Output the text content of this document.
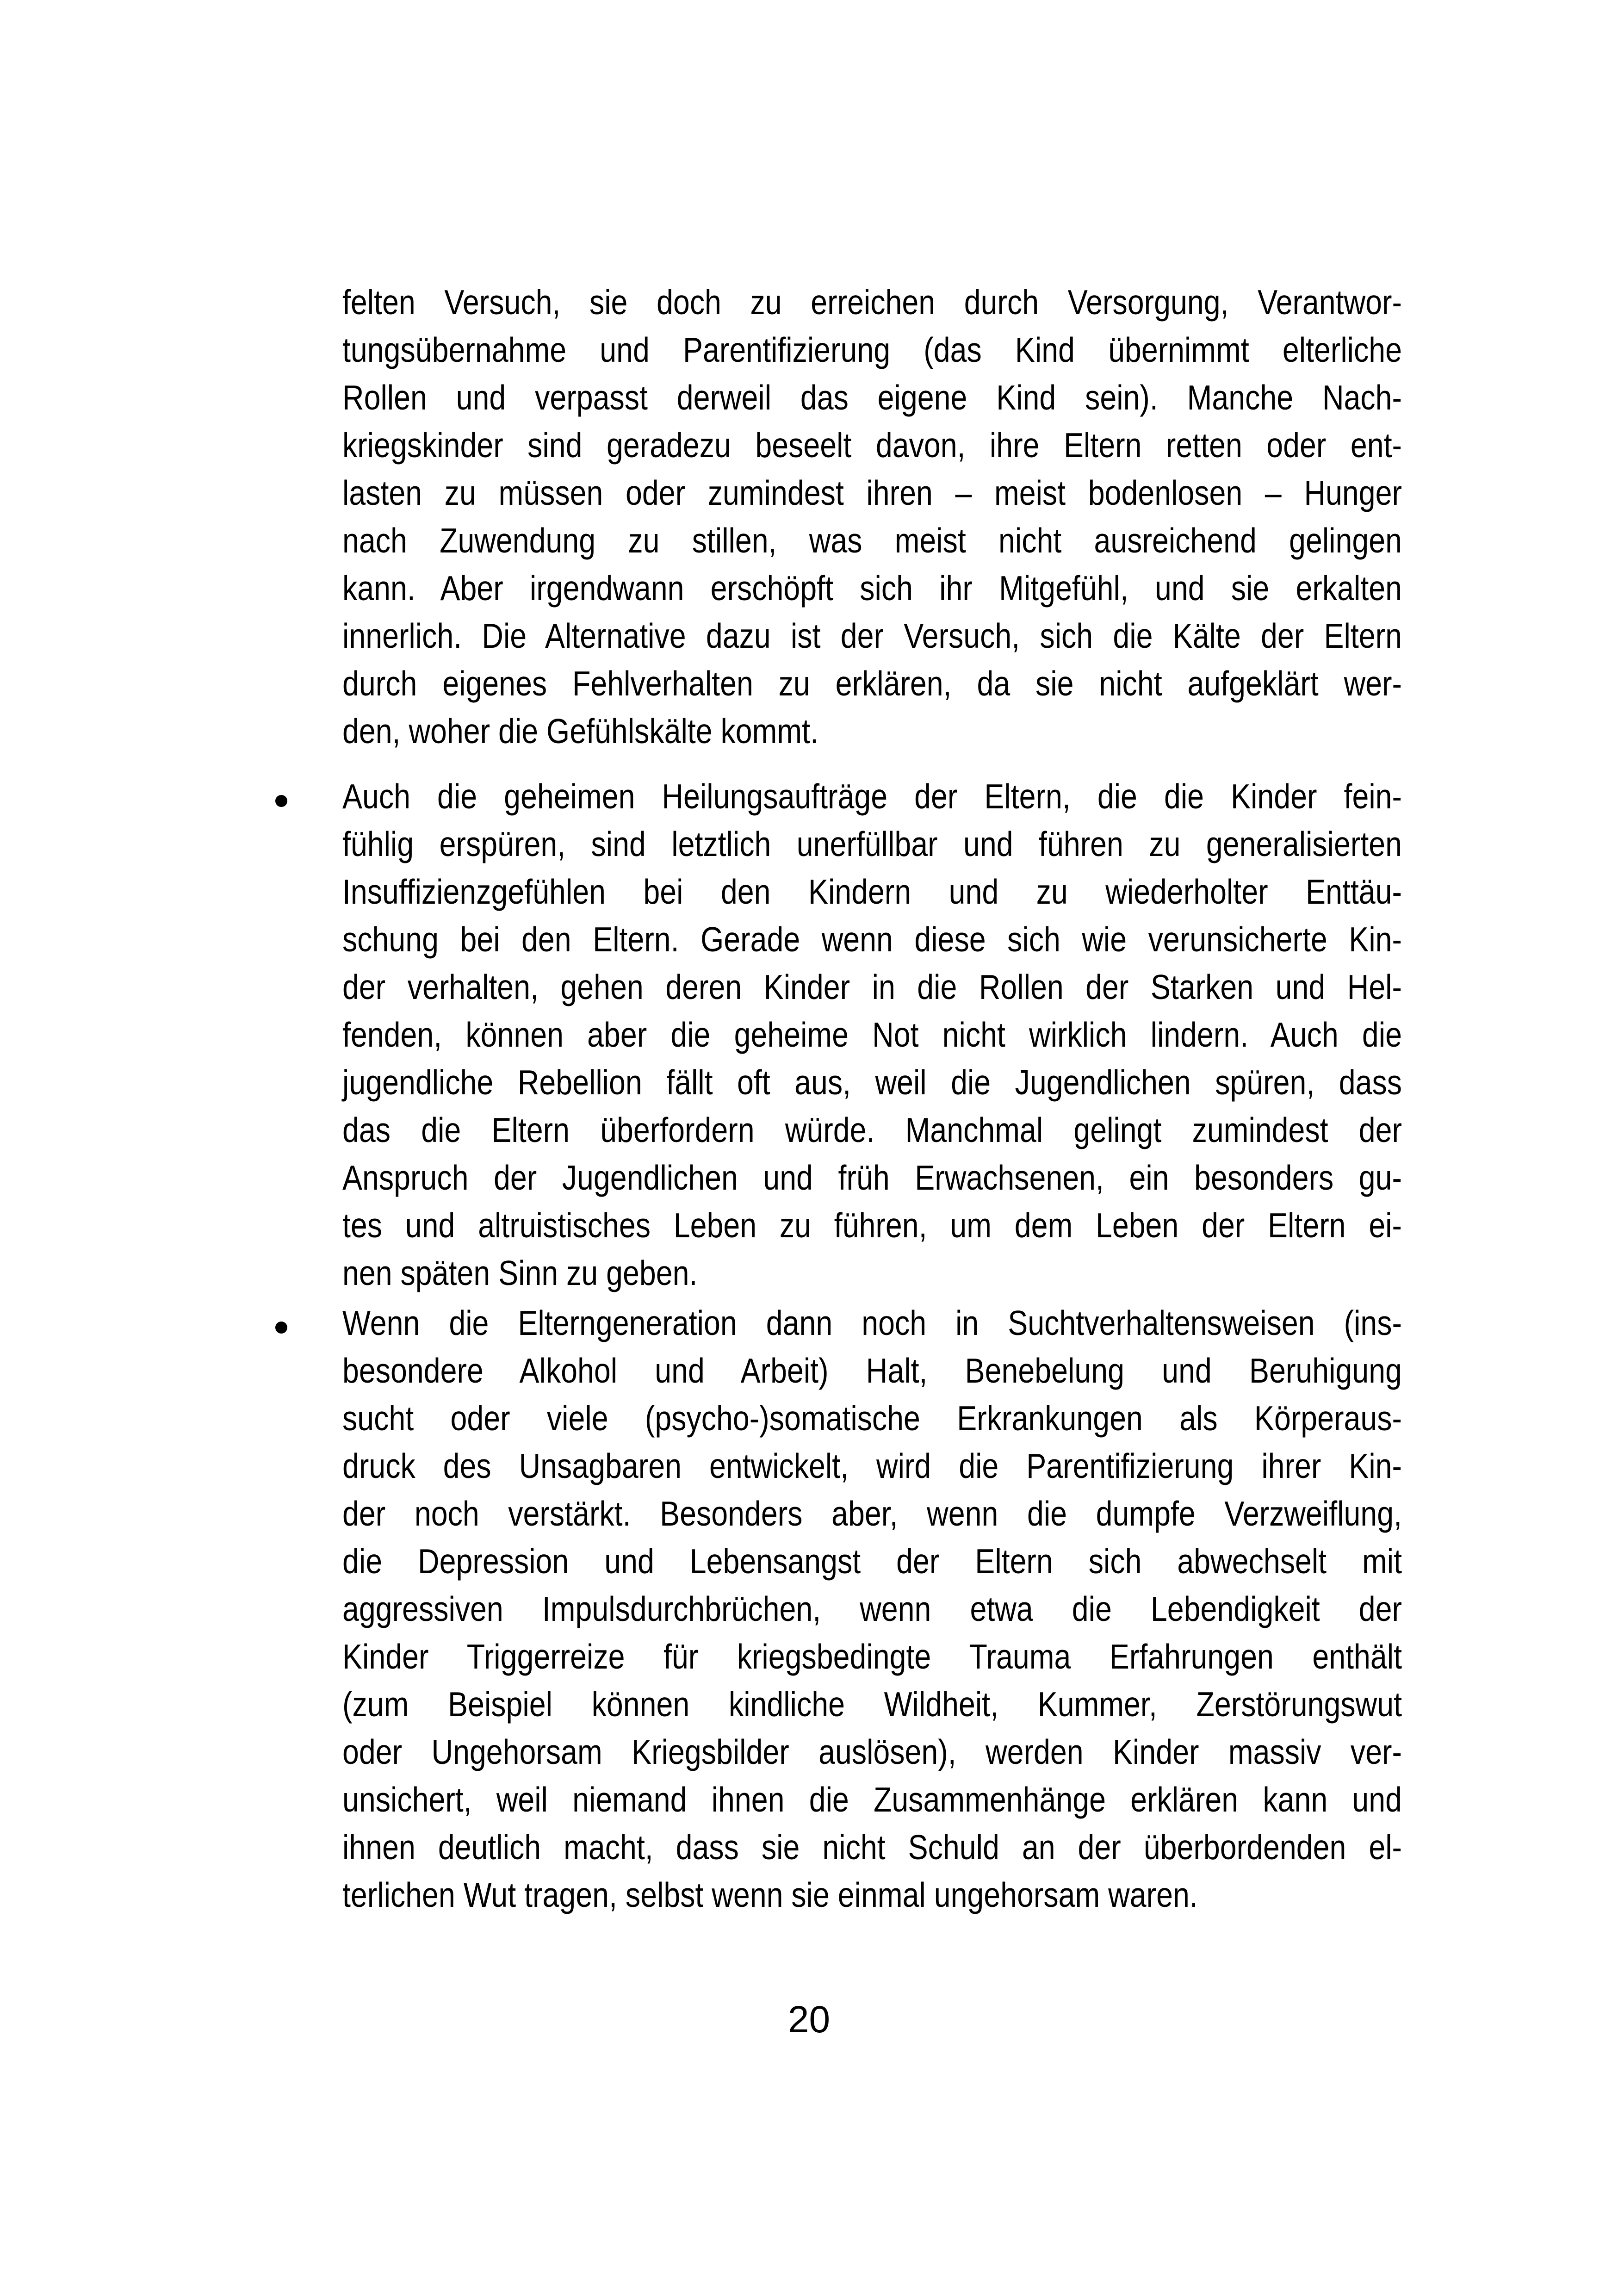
felten Versuch, sie doch zu erreichen durch Versorgung, Verantwor-
tungsübernahme und Parentifizierung (das Kind übernimmt elterliche
Rollen und verpasst derweil das eigene Kind sein). Manche Nach-
kriegskinder sind geradezu beseelt davon, ihre Eltern retten oder ent-
lasten zu müssen oder zumindest ihren – meist bodenlosen – Hunger
nach Zuwendung zu stillen, was meist nicht ausreichend gelingen
kann. Aber irgendwann erschöpft sich ihr Mitgefühl, und sie erkalten
innerlich. Die Alternative dazu ist der Versuch, sich die Kälte der Eltern
durch eigenes Fehlverhalten zu erklären, da sie nicht aufgeklärt wer-
den, woher die Gefühlskälte kommt.
Auch die geheimen Heilungsaufträge der Eltern, die die Kinder fein-
fühlig erspüren, sind letztlich unerfüllbar und führen zu generalisierten
Insuffizienzgefühlen bei den Kindern und zu wiederholter Enttäu-
schung bei den Eltern. Gerade wenn diese sich wie verunsicherte Kin-
der verhalten, gehen deren Kinder in die Rollen der Starken und Hel-
fenden, können aber die geheime Not nicht wirklich lindern. Auch die
jugendliche Rebellion fällt oft aus, weil die Jugendlichen spüren, dass
das die Eltern überfordern würde. Manchmal gelingt zumindest der
Anspruch der Jugendlichen und früh Erwachsenen, ein besonders gu-
tes und altruistisches Leben zu führen, um dem Leben der Eltern ei-
nen späten Sinn zu geben.
Wenn die Elterngeneration dann noch in Suchtverhaltensweisen (ins-
besondere Alkohol und Arbeit) Halt, Benebelung und Beruhigung
sucht oder viele (psycho-)somatische Erkrankungen als Körperaus-
druck des Unsagbaren entwickelt, wird die Parentifizierung ihrer Kin-
der noch verstärkt. Besonders aber, wenn die dumpfe Verzweiflung,
die Depression und Lebensangst der Eltern sich abwechselt mit
aggressiven Impulsdurchbrüchen, wenn etwa die Lebendigkeit der
Kinder Triggerreize für kriegsbedingte Trauma Erfahrungen enthält
(zum Beispiel können kindliche Wildheit, Kummer, Zerstörungswut
oder Ungehorsam Kriegsbilder auslösen), werden Kinder massiv ver-
unsichert, weil niemand ihnen die Zusammenhänge erklären kann und
ihnen deutlich macht, dass sie nicht Schuld an der überbordenden el-
terlichen Wut tragen, selbst wenn sie einmal ungehorsam waren.
20
